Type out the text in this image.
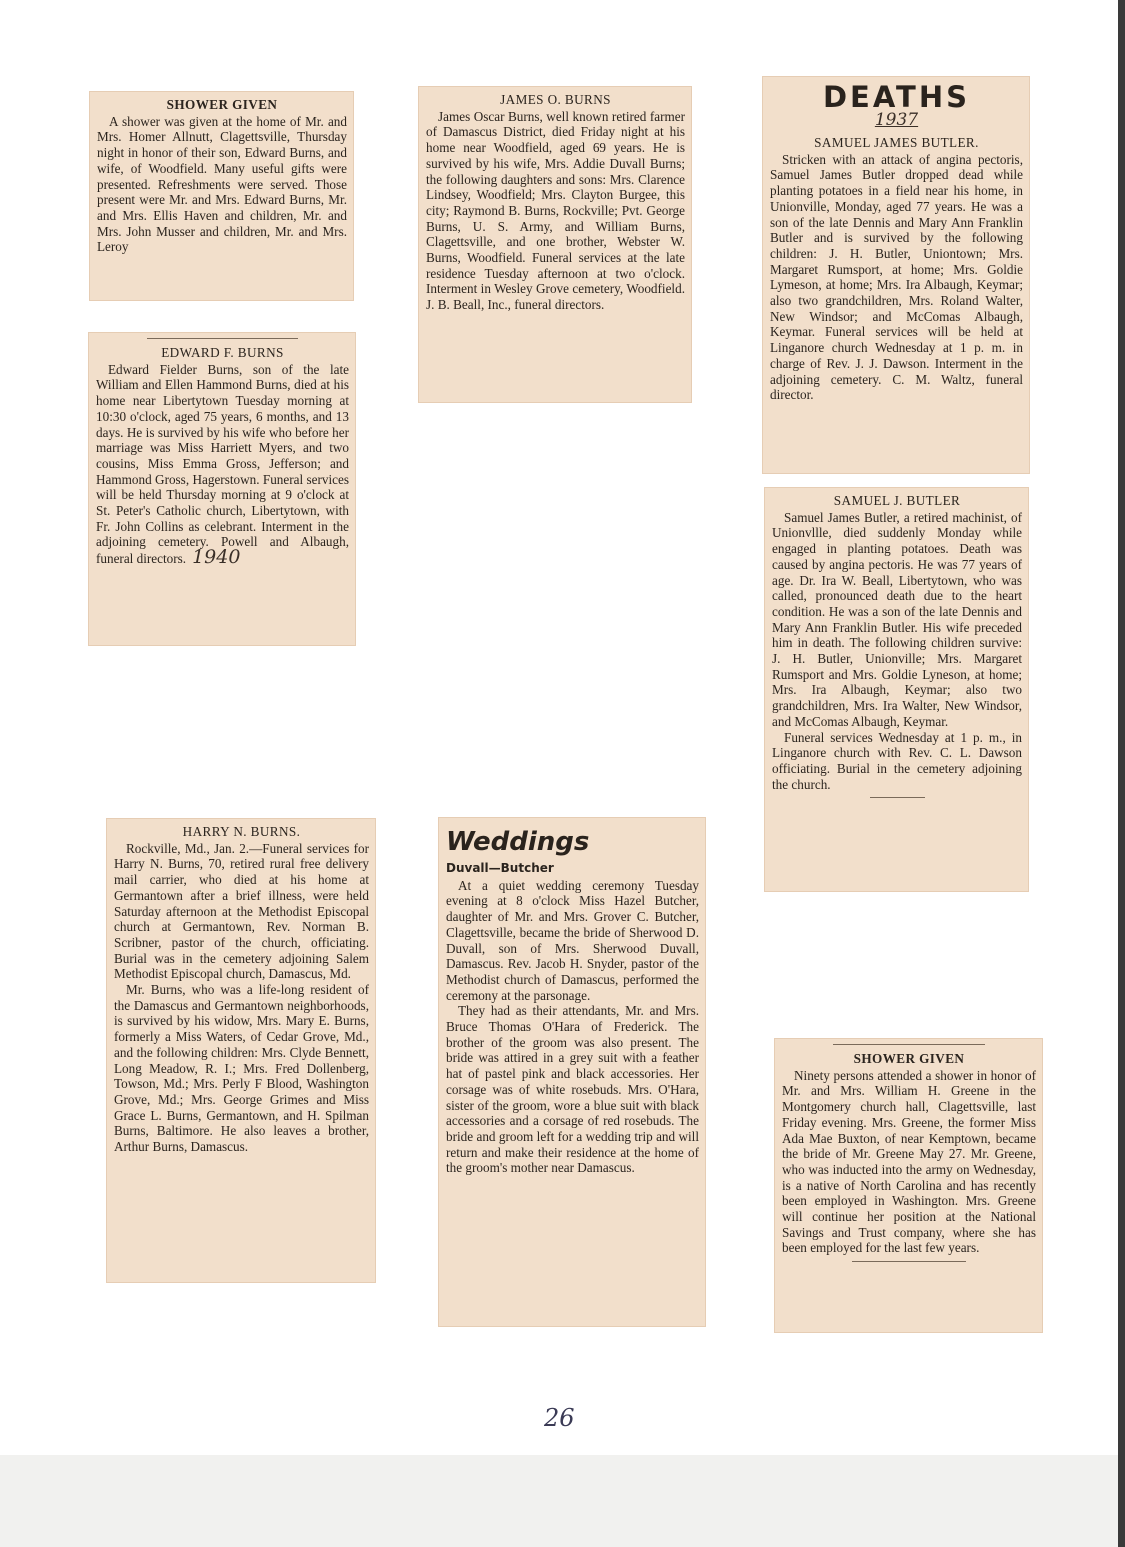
SHOWER GIVEN

A shower was given at the home of Mr. and Mrs. Homer Allnutt, Clagettsville, Thursday night in honor of their son, Edward Burns, and wife, of Woodfield. Many useful gifts were presented. Refreshments were served. Those present were Mr. and Mrs. Edward Burns, Mr. and Mrs. Ellis Haven and children, Mr. and Mrs. John Musser and children, Mr. and Mrs. Leroy

EDWARD F. BURNS

Edward Fielder Burns, son of the late William and Ellen Hammond Burns, died at his home near Libertytown Tuesday morning at 10:30 o'clock, aged 75 years, 6 months, and 13 days. He is survived by his wife who before her marriage was Miss Harriett Myers, and two cousins, Miss Emma Gross, Jefferson; and Hammond Gross, Hagerstown. Funeral services will be held Thursday morning at 9 o'clock at St. Peter's Catholic church, Libertytown, with Fr. John Collins as celebrant. Interment in the adjoining cemetery. Powell and Albaugh, funeral directors. 1940

JAMES O. BURNS

James Oscar Burns, well known retired farmer of Damascus District, died Friday night at his home near Woodfield, aged 69 years. He is survived by his wife, Mrs. Addie Duvall Burns; the following daughters and sons: Mrs. Clarence Lindsey, Woodfield; Mrs. Clayton Burgee, this city; Raymond B. Burns, Rockville; Pvt. George Burns, U. S. Army, and William Burns, Clagettsville, and one brother, Webster W. Burns, Woodfield. Funeral services at the late residence Tuesday afternoon at two o'clock. Interment in Wesley Grove cemetery, Woodfield. J. B. Beall, Inc., funeral directors.

DEATHS
1937
SAMUEL JAMES BUTLER.

Stricken with an attack of angina pectoris, Samuel James Butler dropped dead while planting potatoes in a field near his home, in Unionville, Monday, aged 77 years. He was a son of the late Dennis and Mary Ann Franklin Butler and is survived by the following children: J. H. Butler, Uniontown; Mrs. Margaret Rumsport, at home; Mrs. Goldie Lymeson, at home; Mrs. Ira Albaugh, Keymar; also two grandchildren, Mrs. Roland Walter, New Windsor; and McComas Albaugh, Keymar. Funeral services will be held at Linganore church Wednesday at 1 p. m. in charge of Rev. J. J. Dawson. Interment in the adjoining cemetery. C. M. Waltz, funeral director.

SAMUEL J. BUTLER

Samuel James Butler, a retired machinist, of Unionvllle, died suddenly Monday while engaged in planting potatoes. Death was caused by angina pectoris. He was 77 years of age. Dr. Ira W. Beall, Libertytown, who was called, pronounced death due to the heart condition. He was a son of the late Dennis and Mary Ann Franklin Butler. His wife preceded him in death. The following children survive: J. H. Butler, Unionville; Mrs. Margaret Rumsport and Mrs. Goldie Lyneson, at home; Mrs. Ira Albaugh, Keymar; also two grandchildren, Mrs. Ira Walter, New Windsor, and McComas Albaugh, Keymar.

Funeral services Wednesday at 1 p. m., in Linganore church with Rev. C. L. Dawson officiating. Burial in the cemetery adjoining the church.

HARRY N. BURNS.

Rockville, Md., Jan. 2.—Funeral services for Harry N. Burns, 70, retired rural free delivery mail carrier, who died at his home at Germantown after a brief illness, were held Saturday afternoon at the Methodist Episcopal church at Germantown, Rev. Norman B. Scribner, pastor of the church, officiating. Burial was in the cemetery adjoining Salem Methodist Episcopal church, Damascus, Md.

Mr. Burns, who was a life-long resident of the Damascus and Germantown neighborhoods, is survived by his widow, Mrs. Mary E. Burns, formerly a Miss Waters, of Cedar Grove, Md., and the following children: Mrs. Clyde Bennett, Long Meadow, R. I.; Mrs. Fred Dollenberg, Towson, Md.; Mrs. Perly F Blood, Washington Grove, Md.; Mrs. George Grimes and Miss Grace L. Burns, Germantown, and H. Spilman Burns, Baltimore. He also leaves a brother, Arthur Burns, Damascus.

Weddings
Duvall—Butcher

At a quiet wedding ceremony Tuesday evening at 8 o'clock Miss Hazel Butcher, daughter of Mr. and Mrs. Grover C. Butcher, Clagettsville, became the bride of Sherwood D. Duvall, son of Mrs. Sherwood Duvall, Damascus. Rev. Jacob H. Snyder, pastor of the Methodist church of Damascus, performed the ceremony at the parsonage.

They had as their attendants, Mr. and Mrs. Bruce Thomas O'Hara of Frederick. The brother of the groom was also present. The bride was attired in a grey suit with a feather hat of pastel pink and black accessories. Her corsage was of white rosebuds. Mrs. O'Hara, sister of the groom, wore a blue suit with black accessories and a corsage of red rosebuds. The bride and groom left for a wedding trip and will return and make their residence at the home of the groom's mother near Damascus.

SHOWER GIVEN

Ninety persons attended a shower in honor of Mr. and Mrs. William H. Greene in the Montgomery church hall, Clagettsville, last Friday evening. Mrs. Greene, the former Miss Ada Mae Buxton, of near Kemptown, became the bride of Mr. Greene May 27. Mr. Greene, who was inducted into the army on Wednesday, is a native of North Carolina and has recently been employed in Washington. Mrs. Greene will continue her position at the National Savings and Trust company, where she has been employed for the last few years.

26
